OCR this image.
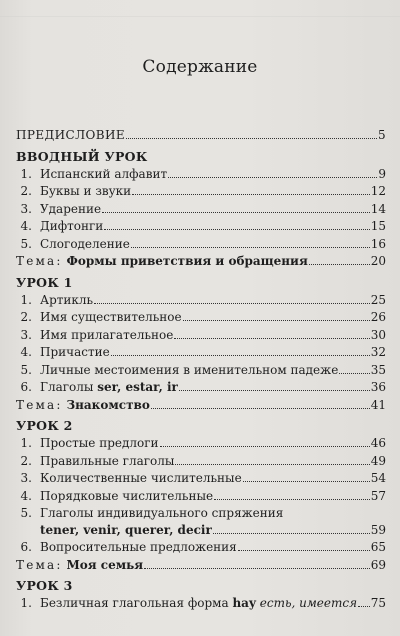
Содержание
ПРЕДИСЛОВИЕ	5
ВВОДНЫЙ УРОК
1. Испанский алфавит	9
2. Буквы и звуки	12
3. Ударение	14
4. Дифтонги	15
5. Слогоделение	16
Тема: Формы приветствия и обращения	20
УРОК 1
1. Артикль	25
2. Имя существительное	26
3. Имя прилагательное	30
4. Причастие	32
5. Личные местоимения в именительном падеже	35
6. Глаголы ser, estar, ir	36
Тема: Знакомство	41
УРОК 2
1. Простые предлоги	46
2. Правильные глаголы	49
3. Количественные числительные	54
4. Порядковые числительные	57
5. Глаголы индивидуального спряжения
tener, venir, querer, decir	59
6. Вопросительные предложения	65
Тема: Моя семья	69
УРОК 3
1. Безличная глагольная форма hay есть, имеется 75
